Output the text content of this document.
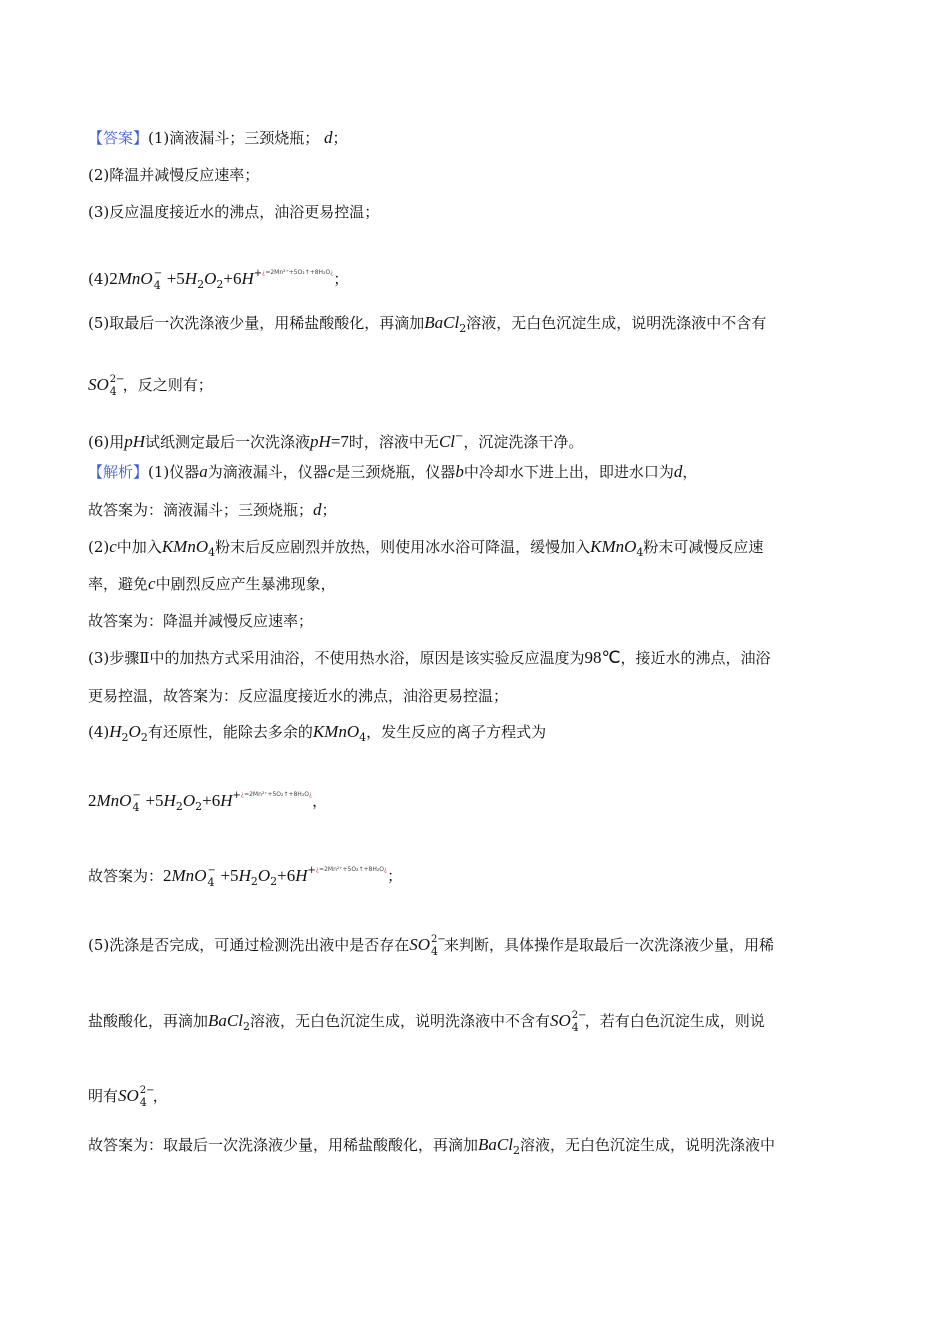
【答案】(1)滴液漏斗；三颈烧瓶； d；
(2)降温并减慢反应速率；
(3)反应温度接近水的沸点，油浴更易控温；
(4)2MnO −
$4 +5H_2O_2+6H^{+¿=2Mn^{2+}+5O_2↑+8H_2O¿}$；
(5)取最后一次洗涤液少量，用稀盐酸酸化，再滴加BaCl$_2$溶液，无白色沉淀生成，说明洗涤液中不含有
SO 2−
4 ，反之则有；
(6)用pH试纸测定最后一次洗涤液pH=7时，溶液中无Cl−，沉淀洗涤干净。
【解析】(1)仪器a为滴液漏斗，仪器c是三颈烧瓶，仪器b中冷却水下进上出，即进水口为d，
故答案为：滴液漏斗；三颈烧瓶；d；
(2)c中加入KMnO$_4$粉末后反应剧烈并放热，则使用冰水浴可降温，缓慢加入KMnO$_4$粉末可减慢反应速
率，避免c中剧烈反应产生暴沸现象，
故答案为：降温并减慢反应速率；
(3)步骤Ⅱ中的加热方式采用油浴，不使用热水浴，原因是该实验反应温度为98℃，接近水的沸点，油浴
更易控温，故答案为：反应温度接近水的沸点，油浴更易控温；
$(4)H_2O_2$有还原性，能除去多余的KMnO$_4$，发生反应的离子方程式为
2MnO −
$4 +5H_2O_2+6H^{+¿=2Mn^{2+}+5O_2↑+8H_2O¿}$，
故答案为：2MnO −
$4 +5H_2O_2+6H^{+¿=2Mn^{2+}+5O_2↑+8H_2O¿}$；
(5)洗涤是否完成，可通过检测洗出液中是否存在SO 2−
4 来判断，具体操作是取最后一次洗涤液少量，用稀
盐酸酸化，再滴加BaCl$_2$溶液，无白色沉淀生成，说明洗涤液中不含有SO 2−
4 ，若有白色沉淀生成，则说
明有SO 2−
4 ，
故答案为：取最后一次洗涤液少量，用稀盐酸酸化，再滴加BaCl$_2$溶液，无白色沉淀生成，说明洗涤液中
